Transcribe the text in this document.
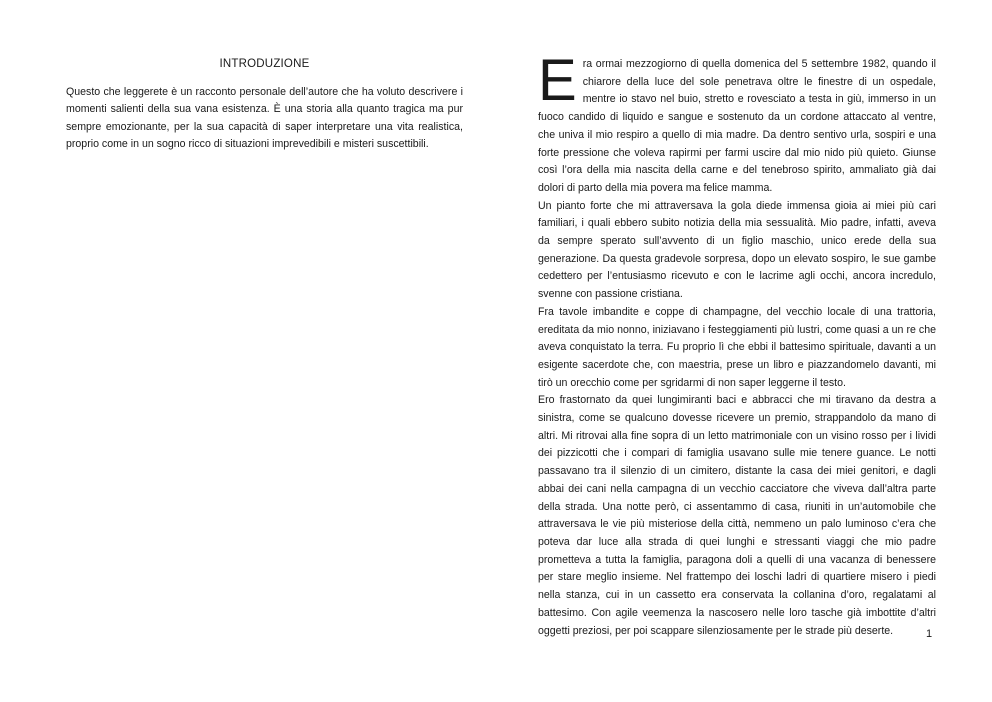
INTRODUZIONE

Questo che leggerete è un racconto personale dell’autore che ha voluto descrivere i momenti salienti della sua vana esistenza. È una storia alla quanto tragica ma pur sempre emozionante, per la sua capacità di saper interpretare una vita realistica, proprio come in un sogno ricco di situazioni imprevedibili e misteri suscettibili.

Era ormai mezzogiorno di quella domenica del 5 settembre 1982, quando il chiarore della luce del sole penetrava oltre le finestre di un ospedale, mentre io stavo nel buio, stretto e rovesciato a testa in giù, immerso in un fuoco candido di liquido e sangue e sostenuto da un cordone attaccato al ventre, che univa il mio respiro a quello di mia madre. Da dentro sentivo urla, sospiri e una forte pressione che voleva rapirmi per farmi uscire dal mio nido più quieto. Giunse così l’ora della mia nascita della carne e del tenebroso spirito, ammaliato già dai dolori di parto della mia povera ma felice mamma.

Un pianto forte che mi attraversava la gola diede immensa gioia ai miei più cari familiari, i quali ebbero subito notizia della mia sessualità. Mio padre, infatti, aveva da sempre sperato sull’avvento di un figlio maschio, unico erede della sua generazione. Da questa gradevole sorpresa, dopo un elevato sospiro, le sue gambe cedettero per l’entusiasmo ricevuto e con le lacrime agli occhi, ancora incredulo, svenne con passione cristiana.

Fra tavole imbandite e coppe di champagne, del vecchio locale di una trattoria, ereditata da mio nonno, iniziavano i festeggiamenti più lustri, come quasi a un re che aveva conquistato la terra. Fu proprio lì che ebbi il battesimo spirituale, davanti a un esigente sacerdote che, con maestria, prese un libro e piazzandomelo davanti, mi tirò un orecchio come per sgridarmi di non saper leggerne il testo.

Ero frastornato da quei lungimiranti baci e abbracci che mi tiravano da destra a sinistra, come se qualcuno dovesse ricevere un premio, strappandolo da mano di altri. Mi ritrovai alla fine sopra di un letto matrimoniale con un visino rosso per i lividi dei pizzicotti che i compari di famiglia usavano sulle mie tenere guance. Le notti passavano tra il silenzio di un cimitero, distante la casa dei miei genitori, e dagli abbai dei cani nella campagna di un vecchio cacciatore che viveva dall’altra parte della strada. Una notte però, ci assentammo di casa, riuniti in un’automobile che attraversava le vie più misteriose della città, nemmeno un palo luminoso c’era che poteva dar luce alla strada di quei lunghi e stressanti viaggi che mio padre prometteva a tutta la famiglia, paragona doli a quelli di una vacanza di benessere per stare meglio insieme. Nel frattempo dei loschi ladri di quartiere misero i piedi nella stanza, cui in un cassetto era conservata la collanina d’oro, regalatami al battesimo. Con agile veemenza la nascosero nelle loro tasche già imbottite d’altri oggetti preziosi, per poi scappare silenziosamente per le strade più deserte.	1
